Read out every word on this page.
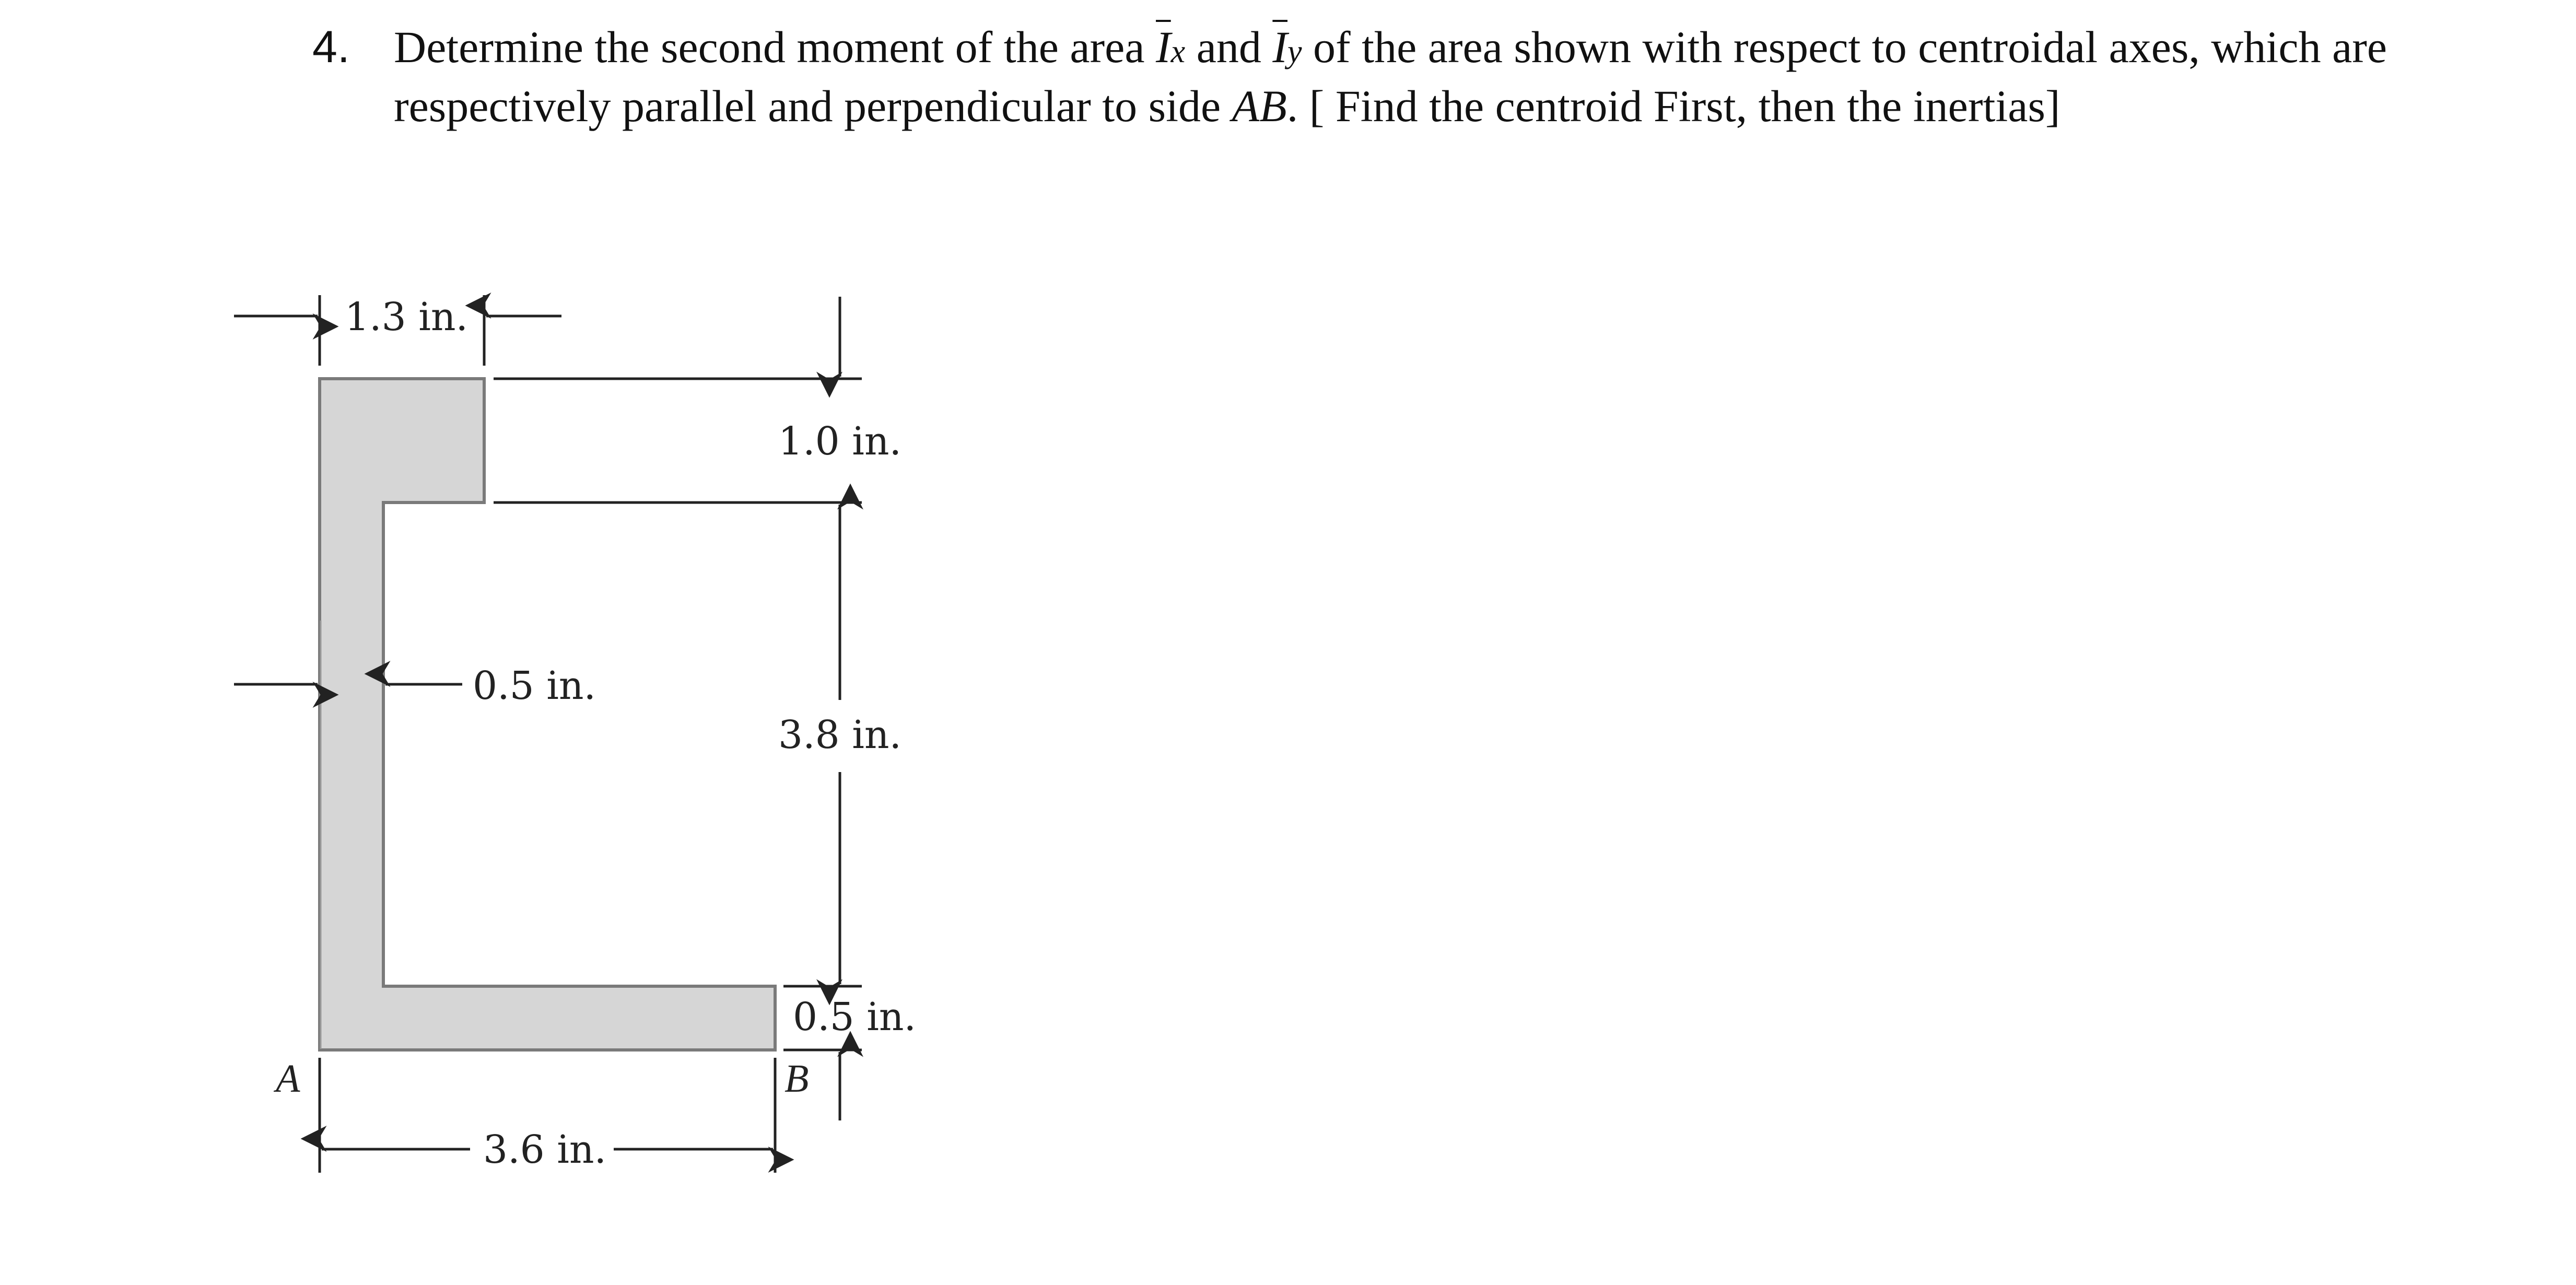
4. Determine the second moment of the area $\overline{I}x$ and $\overline{I}y$ of the area shown with respect to centroidal axes, which are respectively parallel and perpendicular to side AB. [ Find the centroid First, then the inertias]
1.3 in.
1.0 in.
3.8 in.
0.5 in.
0.5 in.
3.6 in.
A	B
